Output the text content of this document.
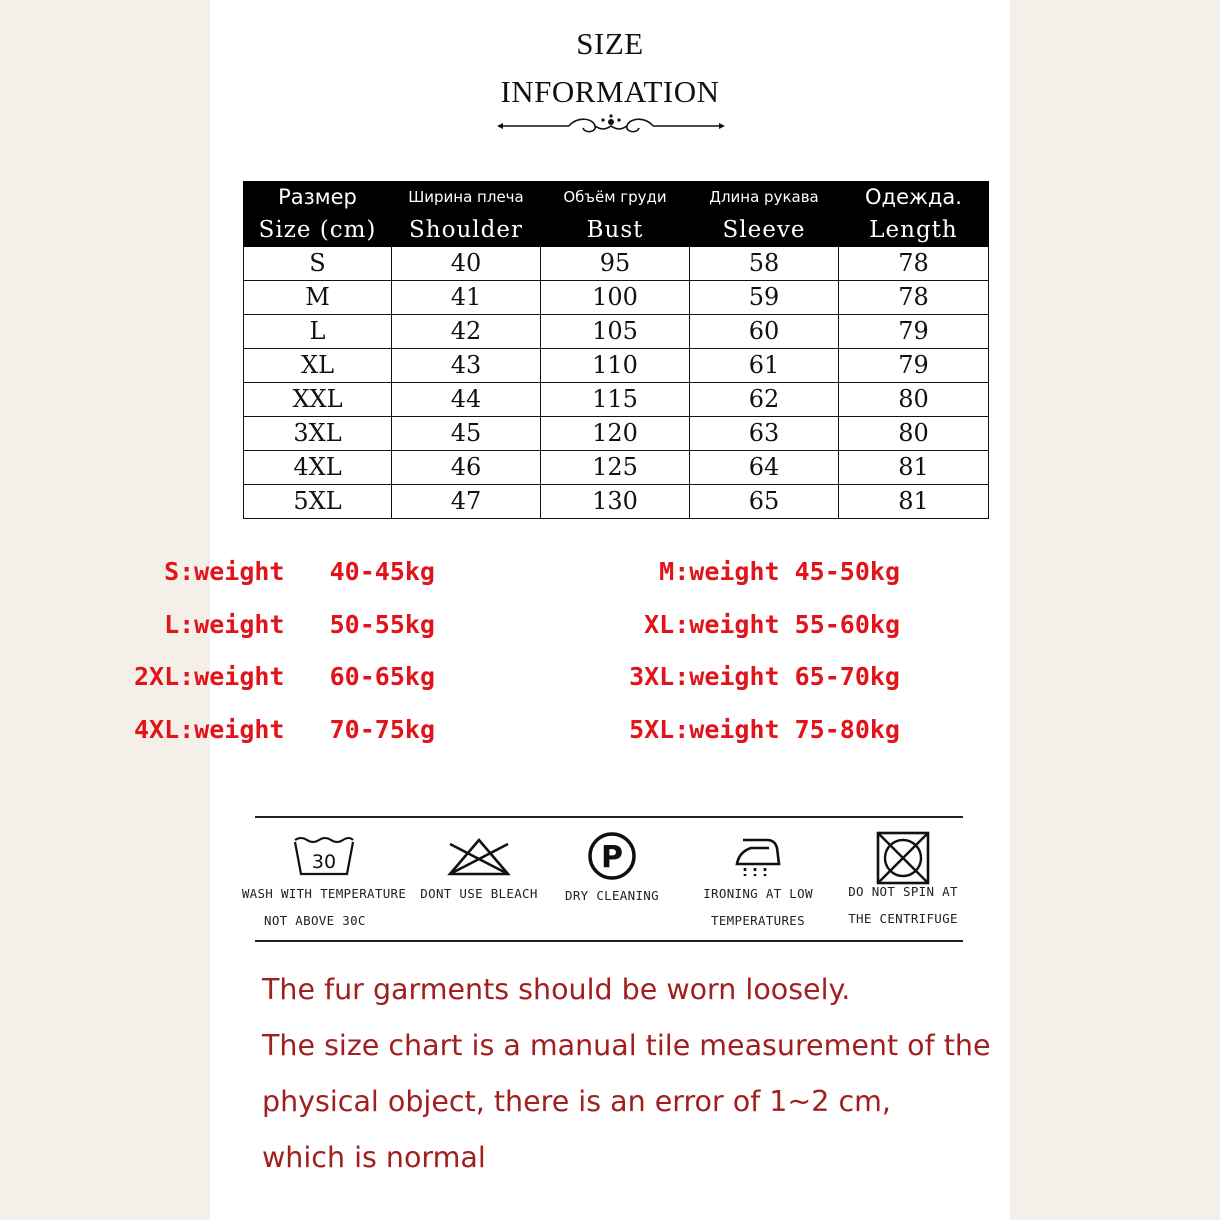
SIZE
INFORMATION
Размер	Ширина плеча	Объём груди	Длина рукава	Одежда.
Size (cm)	Shoulder	Bust	Sleeve	Length
S	40	95	58	78
M	41	100	59	78
L	42	105	60	79
XL	43	110	61	79
XXL	44	115	62	80
3XL	45	120	63	80
4XL	46	125	64	81
5XL	47	130	65	81
S:weight   40-45kg	M:weight 45-50kg
L:weight   50-55kg	XL:weight 55-60kg
2XL:weight   60-65kg	3XL:weight 65-70kg
4XL:weight   70-75kg	5XL:weight 75-80kg
30
WASH WITH TEMPERATURE
NOT ABOVE 30C
DONT USE BLEACH
P
DRY CLEANING	IRONING AT LOW
TEMPERATURES
DO NOT SPIN AT
THE CENTRIFUGE
The fur garments should be worn loosely.
The size chart is a manual tile measurement of the
physical object, there is an error of 1~2 cm,
which is normal
